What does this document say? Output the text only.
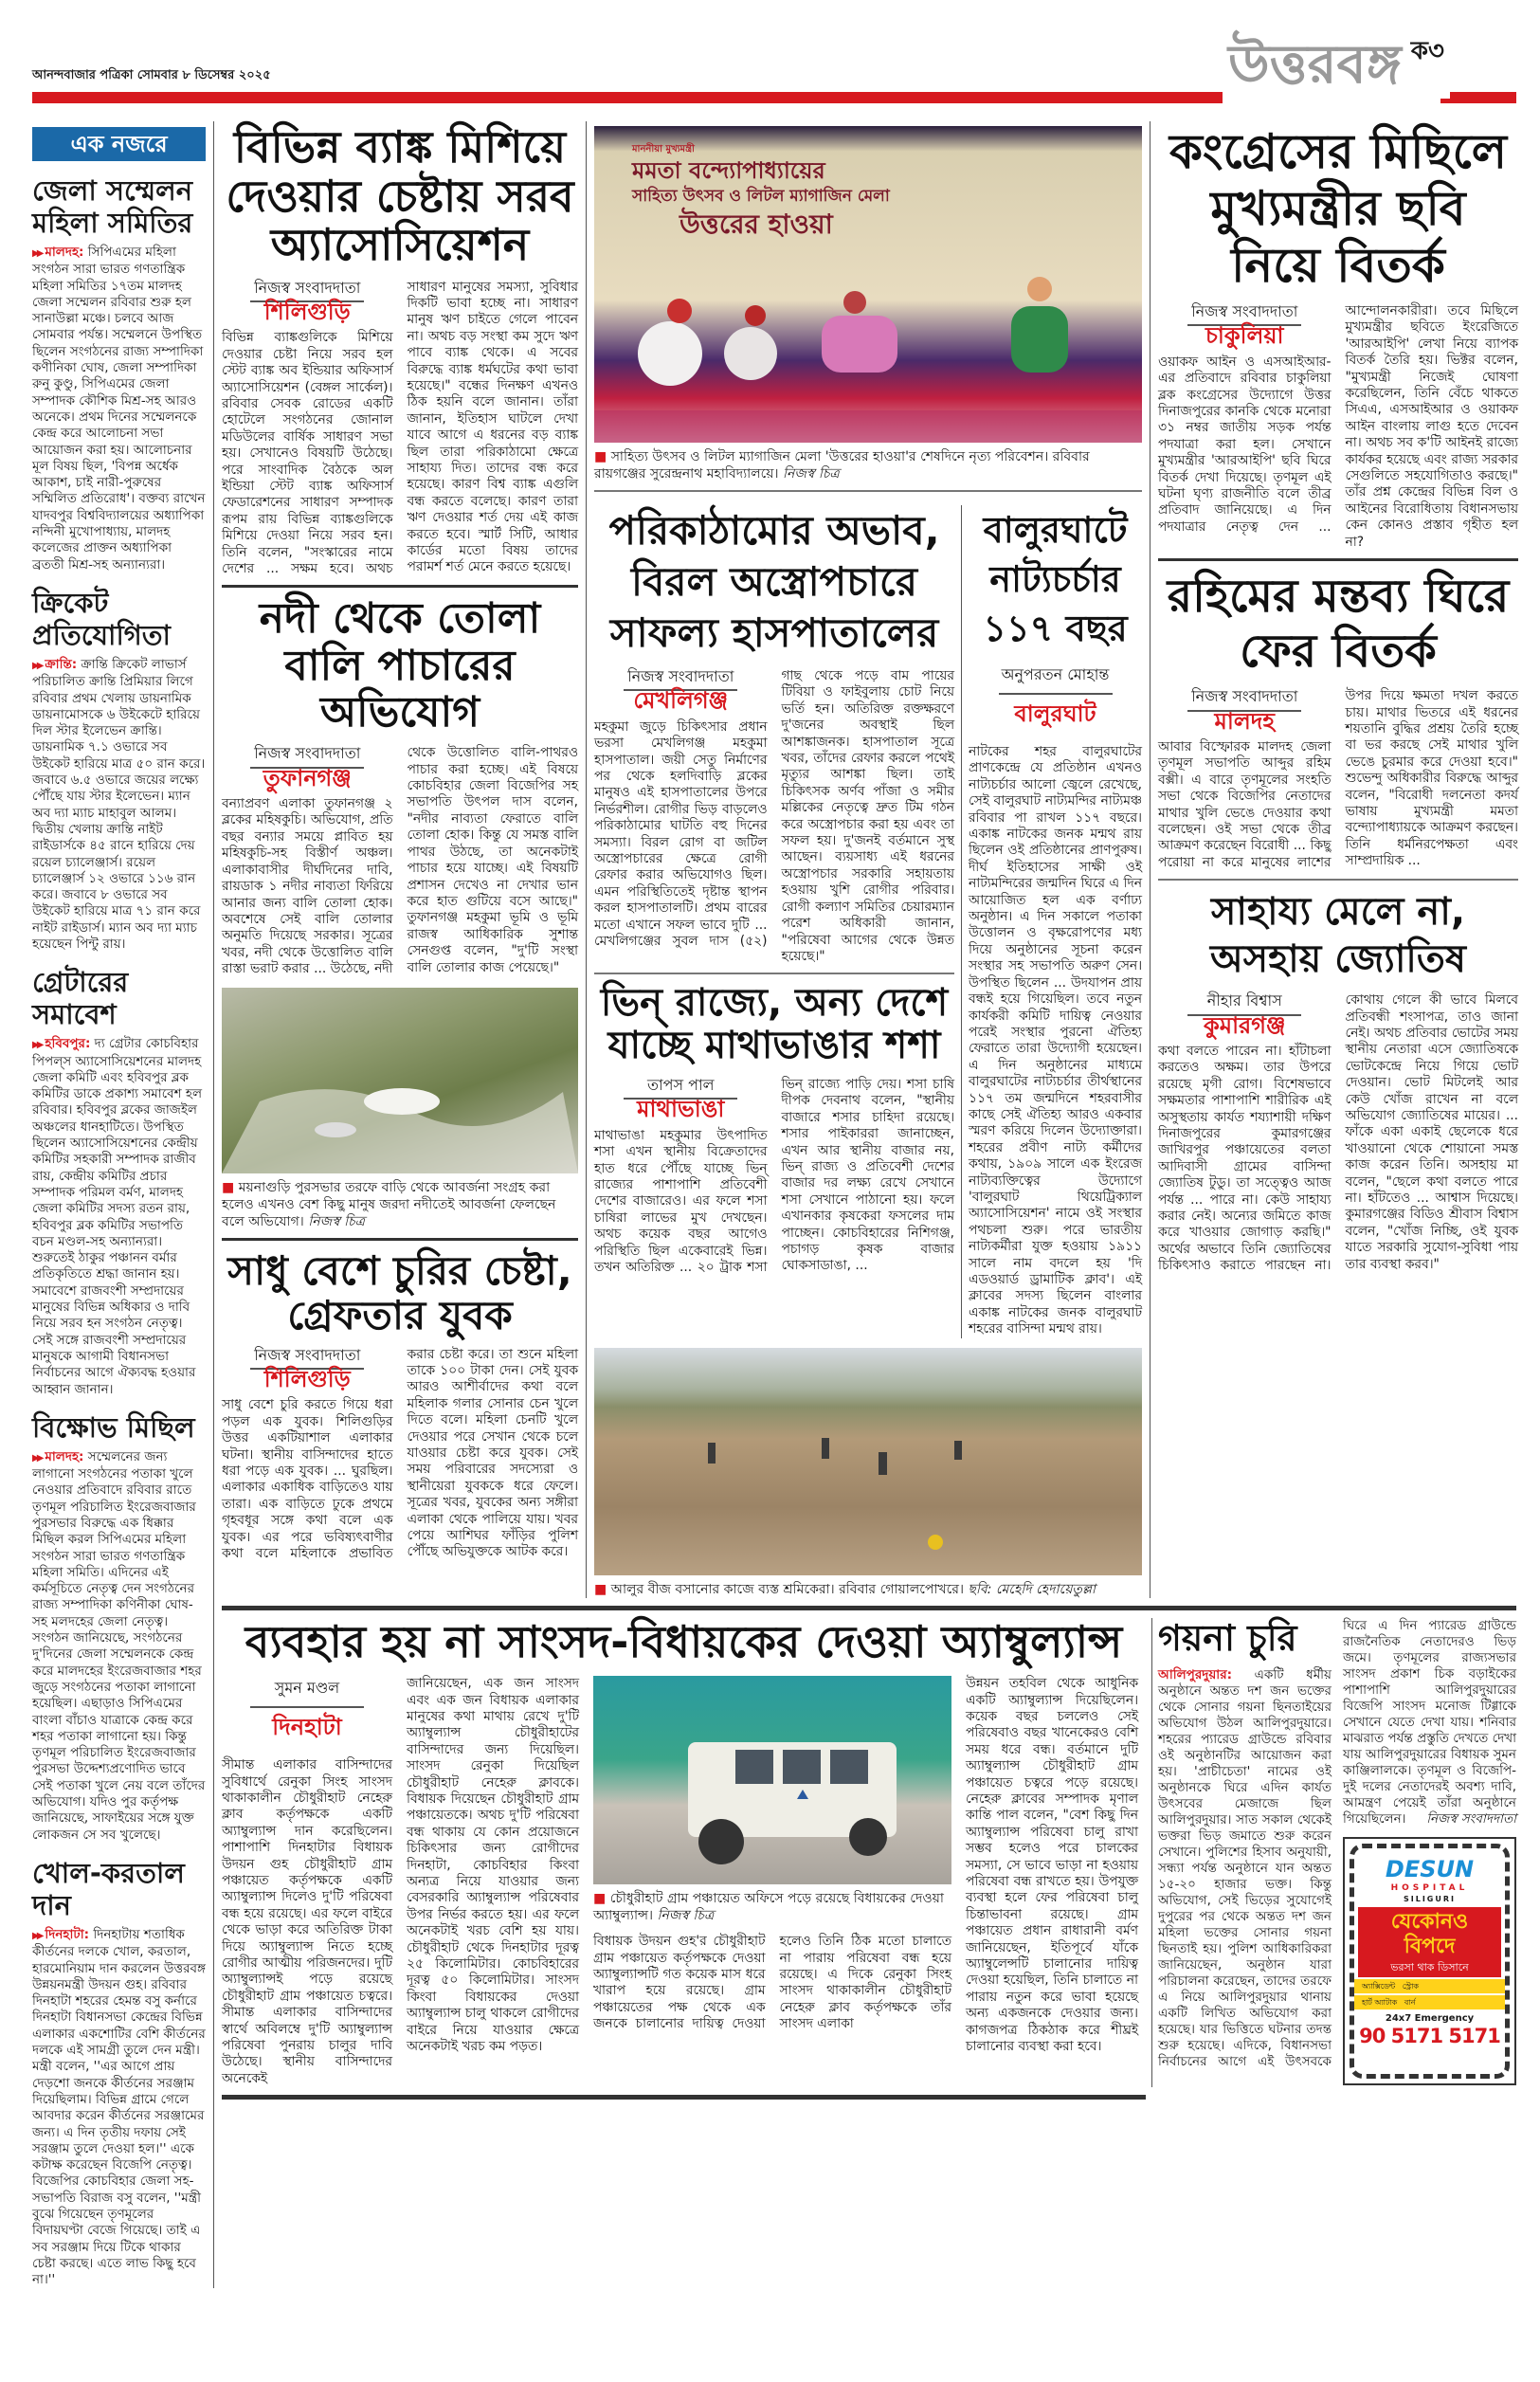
আনন্দবাজার পত্রিকা সোমবার ৮ ডিসেম্বর ২০২৫	উত্তরবঙ্গ ক৩
এক নজরে
জেলা সম্মেলন মহিলা সমিতির
▶▶ মালদহ: সিপিএমের মহিলা সংগঠন সারা ভারত গণতান্ত্রিক মহিলা সমিতির ১৭তম মালদহ জেলা সম্মেলন রবিবার শুরু হল সানাউল্লা মঞ্চে। চলবে আজ সোমবার পর্যন্ত। সম্মেলনে উপস্থিত ছিলেন সংগঠনের রাজ্য সম্পাদিকা কণীনিকা ঘোষ, জেলা সম্পাদিকা রুনু কুণ্ডু, সিপিএমের জেলা সম্পাদক কৌশিক মিশ্র-সহ আরও অনেকে। প্রথম দিনের সম্মেলনকে কেন্দ্র করে আলোচনা সভা আয়োজন করা হয়। আলোচনার মূল বিষয় ছিল, 'বিপন্ন অর্ধেক আকাশ, চাই নারী-পুরুষের সম্মিলিত প্রতিরোধ'। বক্তব্য রাখেন যাদবপুর বিশ্ববিদ্যালয়ের অধ্যাপিকা নন্দিনী মুখোপাধ্যায়, মালদহ কলেজের প্রাক্তন অধ্যাপিকা ব্রততী মিশ্র-সহ অন্যান্যরা।
ক্রিকেট প্রতিযোগিতা
▶▶ ক্রান্তি: ক্রান্তি ক্রিকেট লাভার্স পরিচালিত ক্রান্তি প্রিমিয়ার লিগে রবিবার প্রথম খেলায় ডায়নামিক ডায়নামোসকে ৬ উইকেটে হারিয়ে দিল স্টার ইলেভেন ক্রান্তি। ডায়নামিক ৭.১ ওভারে সব উইকেট হারিয়ে মাত্র ৫০ রান করে। জবাবে ৬.৫ ওভারে জয়ের লক্ষ্যে পৌঁছে যায় স্টার ইলেভেন। ম্যান অব দ্যা ম্যাচ মাহাবুল আলম। দ্বিতীয় খেলায় ক্রান্তি নাইট রাইডার্সকে ৪৫ রানে হারিয়ে দেয় রয়েল চ্যালেঞ্জার্স। রয়েল চ্যালেঞ্জার্স ১২ ওভারে ১১৬ রান করে। জবাবে ৮ ওভারে সব উইকেট হারিয়ে মাত্র ৭১ রান করে নাইট রাইডার্স। ম্যান অব দ্যা ম্যাচ হয়েছেন পিন্টু রায়।
গ্রেটারের সমাবেশ
▶▶ হবিবপুর: দ্য গ্রেটার কোচবিহার পিপল্‌স অ্যাসোসিয়েশনের মালদহ জেলা কমিটি এবং হবিবপুর ব্লক কমিটির ডাকে প্রকাশ্য সমাবেশ হল রবিবার। হবিবপুর ব্লকের জাজইল অঞ্চলের ধানহাটিতে। উপস্থিত ছিলেন অ্যাসোসিয়েশনের কেন্দ্রীয় কমিটির সহকারী সম্পাদক রাজীব রায়, কেন্দ্রীয় কমিটির প্রচার সম্পাদক পরিমল বর্মণ, মালদহ জেলা কমিটির সদস্য রতন রায়, হবিবপুর ব্লক কমিটির সভাপতি বচন মণ্ডল-সহ অন্যান্যরা। শুরুতেই ঠাকুর পঞ্চানন বর্মার প্রতিকৃতিতে শ্রদ্ধা জানান হয়। সমাবেশে রাজবংশী সম্প্রদায়ের মানুষের বিভিন্ন অধিকার ও দাবি নিয়ে সরব হন সংগঠন নেতৃত্ব। সেই সঙ্গে রাজবংশী সম্প্রদায়ের মানুষকে আগামী বিধানসভা নির্বাচনের আগে ঐক্যবদ্ধ হওয়ার আহ্বান জানান।
বিক্ষোভ মিছিল
▶▶ মালদহ: সম্মেলনের জন্য লাগানো সংগঠনের পতাকা খুলে নেওয়ার প্রতিবাদে রবিবার রাতে তৃণমূল পরিচালিত ইংরেজবাজার পুরসভার বিরুদ্ধে এক ধিক্কার মিছিল করল সিপিএমের মহিলা সংগঠন সারা ভারত গণতান্ত্রিক মহিলা সমিতি। এদিনের এই কর্মসূচিতে নেতৃত্ব দেন সংগঠনের রাজ্য সম্পাদিকা কণিনীকা ঘোষ-সহ মলদহের জেলা নেতৃত্ব। সংগঠন জানিয়েছে, সংগঠনের দু'দিনের জেলা সম্মেলনকে কেন্দ্র করে মালদহের ইংরেজবাজার শহর জুড়ে সংগঠনের পতাকা লাগানো হয়েছিল। এছাড়াও সিপিএমের বাংলা বাঁচাও যাত্রাকে কেন্দ্র করে শহর পতাকা লাগানো হয়। কিন্তু তৃণমূল পরিচালিত ইংরেজবাজার পুরসভা উদ্দেশ্যপ্রণোদিত ভাবে সেই পতাকা খুলে নেয় বলে তাঁদের অভিযোগ। যদিও পুর কর্তৃপক্ষ জানিয়েছে, সাফাইয়ের সঙ্গে যুক্ত লোকজন সে সব খুলেছে।
খোল-করতাল দান
▶▶ দিনহাটা: দিনহাটায় শতাধিক কীর্তনের দলকে খোল, করতাল, হারমোনিয়াম দান করলেন উত্তরবঙ্গ উন্নয়নমন্ত্রী উদয়ন গুহ। রবিবার দিনহাটা শহরের হেমন্ত বসু কর্নারে দিনহাটা বিধানসভা কেন্দ্রের বিভিন্ন এলাকার একশোটির বেশি কীর্তনের দলকে এই সামগ্রী তুলে দেন মন্ত্রী। মন্ত্রী বলেন, ''এর আগে প্রায় দেড়শো জনকে কীর্তনের সরঞ্জাম দিয়েছিলাম। বিভিন্ন গ্রামে গেলে আবদার করেন কীর্তনের সরঞ্জামের জন্য। এ দিন তৃতীয় দফায় সেই সরঞ্জাম তুলে দেওয়া হল।'' একে কটাক্ষ করেছেন বিজেপি নেতৃত্ব। বিজেপির কোচবিহার জেলা সহ-সভাপতি বিরাজ বসু বলেন, ''মন্ত্রী বুঝে গিয়েছেন তৃণমূলের বিদায়ঘণ্টা বেজে গিয়েছে। তাই এ সব সরঞ্জাম দিয়ে টিকে থাকার চেষ্টা করছে। এতে লাভ কিছু হবে না।''
বিভিন্ন ব্যাঙ্ক মিশিয়ে দেওয়ার চেষ্টায় সরব অ্যাসোসিয়েশন
নিজস্ব সংবাদদাতা
শিলিগুড়ি
বিভিন্ন ব্যাঙ্কগুলিকে মিশিয়ে দেওয়ার চেষ্টা নিয়ে সরব হল স্টেট ব্যাঙ্ক অব ইন্ডিয়ার অফিসার্স অ্যাসোসিয়েশন (বেঙ্গল সার্কেল)। রবিবার সেবক রোডের একটি হোটেলে সংগঠনের জোনাল মডিউলের বার্ষিক সাধারণ সভা হয়। সেখানেও বিষয়টি উঠেছে। পরে সাংবাদিক বৈঠকে অল ইন্ডিয়া স্টেট ব্যাঙ্ক অফিসার্স ফেডারেশনের সাধারণ সম্পাদক রূপম রায় বিভিন্ন ব্যাঙ্কগুলিকে মিশিয়ে দেওয়া নিয়ে সরব হন। তিনি বলেন, "সংস্কারের নামে দেশের ... সক্ষম হবে। অথচ সাধারণ মানুষের সমস্যা, সুবিধার দিকটি ভাবা হচ্ছে না। সাধারণ মানুষ ঋণ চাইতে গেলে পাবেন না। অথচ বড় সংস্থা কম সুদে ঋণ পাবে ব্যাঙ্ক থেকে। এ সবের বিরুদ্ধে ব্যাঙ্ক ধর্মঘটের কথা ভাবা হয়েছে।" বন্ধের দিনক্ষণ এখনও ঠিক হয়নি বলে জানান। তাঁরা জানান, ইতিহাস ঘাটলে দেখা যাবে আগে এ ধরনের বড় ব্যাঙ্ক ছিল তারা পরিকাঠামো ক্ষেত্রে সাহায্য দিত। তাদের বন্ধ করে হয়েছে। কারণ বিশ্ব ব্যাঙ্ক এগুলি বন্ধ করতে বলেছে। কারণ তারা ঋণ দেওয়ার শর্ত দেয় এই কাজ করতে হবে। স্মার্ট সিটি, আধার কার্ডের মতো বিষয় তাদের পরামর্শ শর্ত মেনে করতে হয়েছে।
নদী থেকে তোলা বালি পাচারের অভিযোগ
নিজস্ব সংবাদদাতা
তুফানগঞ্জ
বন্যাপ্রবণ এলাকা তুফানগঞ্জ ২ ব্লকের মহিষকুচি। অভিযোগ, প্রতি বছর বন্যার সময়ে প্লাবিত হয় মহিষকুচি-সহ বিস্তীর্ণ অঞ্চল। এলাকাবাসীর দীর্ঘদিনের দাবি, রায়ডাক ১ নদীর নাব্যতা ফিরিয়ে আনার জন্য বালি তোলা হোক। অবশেষে সেই বালি তোলার অনুমতি দিয়েছে সরকার। সূত্রের খবর, নদী থেকে উত্তোলিত বালি রাস্তা ভরাট করার ... উঠেছে, নদী থেকে উত্তোলিত বালি-পাথরও পাচার করা হচ্ছে। এই বিষয়ে কোচবিহার জেলা বিজেপির সহ সভাপতি উৎপল দাস বলেন, "নদীর নাব্যতা ফেরাতে বালি তোলা হোক। কিন্তু যে সমস্ত বালি পাথর উঠছে, তা অনেকটাই পাচার হয়ে যাচ্ছে। এই বিষয়টি প্রশাসন দেখেও না দেখার ভান করে হাত গুটিয়ে বসে আছে।" তুফানগঞ্জ মহকুমা ভূমি ও ভূমি রাজস্ব আধিকারিক সুশান্ত সেনগুপ্ত বলেন, "দু'টি সংস্থা বালি তোলার কাজ পেয়েছে।"
■ ময়নাগুড়ি পুরসভার তরফে বাড়ি থেকে আবর্জনা সংগ্রহ করা হলেও এখনও বেশ কিছু মানুষ জরদা নদীতেই আবর্জনা ফেলছেন বলে অভিযোগ। নিজস্ব চিত্র
সাধু বেশে চুরির চেষ্টা, গ্রেফতার যুবক
নিজস্ব সংবাদদাতা
শিলিগুড়ি
সাধু বেশে চুরি করতে গিয়ে ধরা পড়ল এক যুবক। শিলিগুড়ির উত্তর একটিয়াশাল এলাকার ঘটনা। স্থানীয় বাসিন্দাদের হাতে ধরা পড়ে এক যুবক। ... ঘুরছিল। এলাকার একাধিক বাড়িতেও যায় তারা। এক বাড়িতে ঢুকে প্রথমে গৃহবধূর সঙ্গে কথা বলে এক যুবক। এর পরে ভবিষ্যৎবাণীর কথা বলে মহিলাকে প্রভাবিত করার চেষ্টা করে। তা শুনে মহিলা তাকে ১০০ টাকা দেন। সেই যুবক আরও আশীর্বাদের কথা বলে মহিলাক গলার সোনার চেন খুলে দিতে বলে। মহিলা চেনটি খুলে দেওয়ার পরে সেখান থেকে চলে যাওয়ার চেষ্টা করে যুবক। সেই সময় পরিবারের সদস্যেরা ও স্থানীয়েরা যুবককে ধরে ফেলে। সূত্রের খবর, যুবকের অন্য সঙ্গীরা এলাকা থেকে পালিয়ে যায়। খবর পেয়ে আশিঘর ফাঁড়ির পুলিশ পৌঁছে অভিযুক্তকে আটক করে।
মাননীয়া মুখ্যমন্ত্রী
মমতা বন্দ্যোপাধ্যায়ের
সাহিত্য উৎসব ও লিটল ম্যাগাজিন মেলা
উত্তরের হাওয়া
■ সাহিত্য উৎসব ও লিটল ম্যাগাজিন মেলা 'উত্তরের হাওয়া'র শেষদিনে নৃত্য পরিবেশন। রবিবার রায়গঞ্জের সুরেন্দ্রনাথ মহাবিদ্যালয়ে। নিজস্ব চিত্র
পরিকাঠামোর অভাব, বিরল অস্ত্রোপচারে সাফল্য হাসপাতালের
নিজস্ব সংবাদদাতা
মেখলিগঞ্জ
মহকুমা জুড়ে চিকিৎসার প্রধান ভরসা মেখলিগঞ্জ মহকুমা হাসপাতাল। জয়ী সেতু নির্মাণের পর থেকে হলদিবাড়ি ব্লকের মানুষও এই হাসপাতালের উপরে নির্ভরশীল। রোগীর ভিড় বাড়লেও পরিকাঠামোর ঘাটতি বহু দিনের সমস্যা। বিরল রোগ বা জটিল অস্ত্রোপচারের ক্ষেত্রে রোগী রেফার করার অভিযোগও ছিল। এমন পরিস্থিতিতেই দৃষ্টান্ত স্থাপন করল হাসপাতালটি। প্রথম বারের মতো এখানে সফল ভাবে দুটি ... মেখলিগঞ্জের সুবল দাস (৫২) গাছ থেকে পড়ে বাম পায়ের টিবিয়া ও ফাইবুলায় চোট নিয়ে ভর্তি হন। অতিরিক্ত রক্তক্ষরণে দু'জনের অবস্থাই ছিল আশঙ্কাজনক। হাসপাতাল সূত্রে খবর, তাঁদের রেফার করলে পথেই মৃত্যুর আশঙ্কা ছিল। তাই চিকিৎসক অর্ণব পাঁজা ও সমীর মল্লিকের নেতৃত্বে দ্রুত টিম গঠন করে অস্ত্রোপচার করা হয় এবং তা সফল হয়। দু'জনই বর্তমানে সুস্থ আছেন। ব্যয়সাধ্য এই ধরনের অস্ত্রোপচার সরকারি সহায়তায় হওয়ায় খুশি রোগীর পরিবার। রোগী কল্যাণ সমিতির চেয়ারম্যান পরেশ অধিকারী জানান, "পরিষেবা আগের থেকে উন্নত হয়েছে।"
ভিন্ রাজ্যে, অন্য দেশে যাচ্ছে মাথাভাঙার শশা
তাপস পাল
মাথাভাঙা
মাথাভাঙা মহকুমার উৎপাদিত শসা এখন স্থানীয় বিক্রেতাদের হাত ধরে পৌঁছে যাচ্ছে ভিন্ রাজ্যের পাশাপাশি প্রতিবেশী দেশের বাজারেও। এর ফলে শসা চাষিরা লাভের মুখ দেখছেন। অথচ কয়েক বছর আগেও পরিস্থিতি ছিল একেবারেই ভিন্ন। তখন অতিরিক্ত ... ২০ ট্রাক শসা ভিন্ রাজ্যে পাড়ি দেয়। শসা চাষি দীপক দেবনাথ বলেন, "স্থানীয় বাজারে শসার চাহিদা রয়েছে। শসার পাইকাররা জানাচ্ছেন, এখন আর স্থানীয় বাজার নয়, ভিন্ রাজ্য ও প্রতিবেশী দেশের বাজার দর লক্ষ্য রেখে সেখানে শসা সেখানে পাঠানো হয়। ফলে এখানকার কৃষকেরা ফসলের দাম পাচ্ছেন। কোচবিহারের নিশিগঞ্জ, পচাগড় কৃষক বাজার ঘোকসাডাঙা, ...
বালুরঘাটে নাট্যচর্চার ১১৭ বছর
অনুপরতন মোহান্ত
বালুরঘাট
নাটকের শহর বালুরঘাটের প্রাণকেন্দ্রে যে প্রতিষ্ঠান এখনও নাট্যচর্চার আলো জ্বেলে রেখেছে, সেই বালুরঘাট নাট্যমন্দির নাট্যমঞ্চ রবিবার পা রাখল ১১৭ বছরে। একাঙ্ক নাটকের জনক মন্মথ রায় ছিলেন ওই প্রতিষ্ঠানের প্রাণপুরুষ। দীর্ঘ ইতিহাসের সাক্ষী ওই নাট্যমন্দিরের জন্মদিন ঘিরে এ দিন আয়োজিত হল এক বর্ণাঢ্য অনুষ্ঠান। এ দিন সকালে পতাকা উত্তোলন ও বৃক্ষরোপণের মধ্য দিয়ে অনুষ্ঠানের সূচনা করেন সংস্থার সহ সভাপতি অরুণ সেন। উপস্থিত ছিলেন ... উদযাপন প্রায় বন্ধই হয়ে গিয়েছিল। তবে নতুন কার্যকরী কমিটি দায়িত্ব নেওয়ার পরেই সংস্থার পুরনো ঐতিহ্য ফেরাতে তারা উদ্যোগী হয়েছেন। এ দিন অনুষ্ঠানের মাধ্যমে বালুরঘাটের নাট্যচর্চার তীর্থস্থানের ১১৭ তম জন্মদিনে শহরবাসীর কাছে সেই ঐতিহ্য আরও একবার স্মরণ করিয়ে দিলেন উদ্যোক্তারা। শহরের প্রবীণ নাট্য কর্মীদের কথায়, ১৯০৯ সালে এক ইংরেজ নাট্যব্যক্তিত্বের উদ্যোগে 'বালুরঘাট থিয়েট্রিক্যাল অ্যাসোসিয়েশন' নামে ওই সংস্থার পথচলা শুরু। পরে ভারতীয় নাট্যকর্মীরা যুক্ত হওয়ায় ১৯১১ সালে নাম বদলে হয় 'দি এডওয়ার্ড ড্রামাটিক ক্লাব'। এই ক্লাবের সদস্য ছিলেন বাংলার একাঙ্ক নাটকের জনক বালুরঘাট শহরের বাসিন্দা মন্মথ রায়।
■ আলুর বীজ বসানোর কাজে ব্যস্ত শ্রমিকেরা। রবিবার গোয়ালপোখরে। ছবি: মেহেদি হেদায়েতুল্লা
কংগ্রেসের মিছিলে মুখ্যমন্ত্রীর ছবি নিয়ে বিতর্ক
নিজস্ব সংবাদদাতা
চাকুলিয়া
ওয়াকফ আইন ও এসআইআর-এর প্রতিবাদে রবিবার চাকুলিয়া ব্লক কংগ্রেসের উদ্যোগে উত্তর দিনাজপুরের কানকি থেকে মনোরা ৩১ নম্বর জাতীয় সড়ক পর্যন্ত পদযাত্রা করা হল। সেখানে মুখ্যমন্ত্রীর 'আরআইপি' ছবি ঘিরে বিতর্ক দেখা দিয়েছে। তৃণমূল এই ঘটনা ঘৃণ্য রাজনীতি বলে তীব্র প্রতিবাদ জানিয়েছে। এ দিন পদযাত্রার নেতৃত্ব দেন ... আন্দোলনকারীরা। তবে মিছিলে মুখ্যমন্ত্রীর ছবিতে ইংরেজিতে 'আরআইপি' লেখা নিয়ে ব্যাপক বিতর্ক তৈরি হয়। ভিক্টর বলেন, "মুখ্যমন্ত্রী নিজেই ঘোষণা করেছিলেন, তিনি বেঁচে থাকতে সিএএ, এসআইআর ও ওয়াকফ আইন বাংলায় লাগু হতে দেবেন না। অথচ সব ক'টি আইনই রাজ্যে কার্যকর হয়েছে এবং রাজ্য সরকার সেগুলিতে সহযোগিতাও করছে।" তাঁর প্রশ্ন কেন্দ্রের বিভিন্ন বিল ও আইনের বিরোধিতায় বিধানসভায় কেন কোনও প্রস্তাব গৃহীত হল না?
রহিমের মন্তব্য ঘিরে ফের বিতর্ক
নিজস্ব সংবাদদাতা
মালদহ
আবার বিস্ফোরক মালদহ জেলা তৃণমূল সভাপতি আব্দুর রহিম বক্সী। এ বারে তৃণমূলের সংহতি সভা থেকে বিজেপির নেতাদের মাথার খুলি ভেঙে দেওয়ার কথা বলেছেন। ওই সভা থেকে তীব্র আক্রমণ করেছেন বিরোধী ... কিছু পরোয়া না করে মানুষের লাশের উপর দিয়ে ক্ষমতা দখল করতে চায়। মাথার ভিতরে এই ধরনের শয়তানি বুদ্ধির প্রশ্রয় তৈরি হচ্ছে বা ভর করছে সেই মাথার খুলি ভেঙে চুরমার করে দেওয়া হবে।" শুভেন্দু অধিকারীর বিরুদ্ধে আব্দুর বলেন, "বিরোধী দলনেতা কদর্য ভাষায় মুখ্যমন্ত্রী মমতা বন্দ্যোপাধ্যায়কে আক্রমণ করছেন। তিনি ধর্মনিরপেক্ষতা এবং সাম্প্রদায়িক ...
সাহায্য মেলে না, অসহায় জ্যোতিষ
নীহার বিশ্বাস
কুমারগঞ্জ
কথা বলতে পারেন না। হাঁটাচলা করতেও অক্ষম। তার উপরে রয়েছে মৃগী রোগ। বিশেষভাবে সক্ষমতার পাশাপাশি শারীরিক এই অসুস্থতায় কার্যত শয্যাশায়ী দক্ষিণ দিনাজপুরের কুমারগঞ্জের জাখিরপুর পঞ্চায়েতের বলতা আদিবাসী গ্রামের বাসিন্দা জ্যোতিষ টুডু। তা সত্ত্বেও আজ পর্যন্ত ... পারে না। কেউ সাহায্য করার নেই। অন্যের জমিতে কাজ করে খাওয়ার জোগাড় করছি।" অর্থের অভাবে তিনি জ্যোতিষের চিকিৎসাও করাতে পারছেন না। কোথায় গেলে কী ভাবে মিলবে প্রতিবন্ধী শংসাপত্র, তাও জানা নেই। অথচ প্রতিবার ভোটের সময় স্থানীয় নেতারা এসে জ্যোতিষকে ভোটকেন্দ্রে নিয়ে গিয়ে ভোট দেওয়ান। ভোট মিটলেই আর কেউ খোঁজ রাখেন না বলে অভিযোগ জ্যোতিষের মায়ের। ... ফাঁকে একা একাই ছেলেকে ধরে খাওয়ানো থেকে শোয়ানো সমস্ত কাজ করেন তিনি। অসহায় মা বলেন, "ছেলে কথা বলতে পারে না। হাঁটতেও ... আশ্বাস দিয়েছে। কুমারগঞ্জের বিডিও শ্রীবাস বিশ্বাস বলেন, "খোঁজ নিচ্ছি, ওই যুবক যাতে সরকারি সুযোগ-সুবিধা পায় তার ব্যবস্থা করব।"
ব্যবহার হয় না সাংসদ-বিধায়কের দেওয়া অ্যাম্বুল্যান্স
সুমন মণ্ডল
দিনহাটা
সীমান্ত এলাকার বাসিন্দাদের সুবিধার্থে রেনুকা সিংহ সাংসদ থাকাকালীন চৌধুরীহাট নেহেরু ক্লাব কর্তৃপক্ষকে একটি অ্যাম্বুল্যান্স দান করেছিলেন। পাশাপাশি দিনহাটার বিধায়ক উদয়ন গুহ চৌধুরীহাট গ্রাম পঞ্চায়েত কর্তৃপক্ষকে একটি অ্যাম্বুল্যান্স দিলেও দু'টি পরিষেবা বন্ধ হয়ে রয়েছে। এর ফলে বাইরে থেকে ভাড়া করে অতিরিক্ত টাকা দিয়ে অ্যাম্বুল্যান্স নিতে হচ্ছে রোগীর আত্মীয় পরিজনদের। দুটি অ্যাম্বুল্যান্সই পড়ে রয়েছে চৌধুরীহাট গ্রাম পঞ্চায়েত চত্বরে। সীমান্ত এলাকার বাসিন্দাদের স্বার্থে অবিলম্বে দু'টি অ্যাম্বুল্যান্স পরিষেবা পুনরায় চালুর দাবি উঠেছে। স্থানীয় বাসিন্দাদের অনেকেই
জানিয়েছেন, এক জন সাংসদ এবং এক জন বিধায়ক এলাকার মানুষের কথা মাথায় রেখে দু'টি অ্যাম্বুল্যান্স চৌধুরীহাটের বাসিন্দাদের জন্য দিয়েছিল। সাংসদ রেনুকা দিয়েছিল চৌধুরীহাট নেহেরু ক্লাবকে। বিধায়ক দিয়েছেন চৌধুরীহাট গ্রাম পঞ্চায়েতকে। অথচ দু'টি পরিষেবা বন্ধ থাকায় যে কোন প্রয়োজনে চিকিৎসার জন্য রোগীদের দিনহাটা, কোচবিহার কিংবা অন্যত্র নিয়ে যাওয়ার জন্য বেসরকারি অ্যাম্বুল্যান্স পরিষেবার উপর নির্ভর করতে হয়। এর ফলে অনেকটাই খরচ বেশি হয় যায়। চৌধুরীহাট থেকে দিনহাটার দূরত্ব ২৫ কিলোমিটার। কোচবিহারের দূরত্ব ৫০ কিলোমিটার। সাংসদ কিংবা বিধায়কের দেওয়া অ্যাম্বুল্যান্স চালু থাকলে রোগীদের বাইরে নিয়ে যাওয়ার ক্ষেত্রে অনেকটাই খরচ কম পড়ত।
■ চৌধুরীহাট গ্রাম পঞ্চায়েত অফিসে পড়ে রয়েছে বিধায়কের দেওয়া অ্যাম্বুল্যান্স। নিজস্ব চিত্র
বিধায়ক উদয়ন গুহ'র চৌধুরীহাট গ্রাম পঞ্চায়েত কর্তৃপক্ষকে দেওয়া অ্যাম্বুল্যান্সটি গত কয়েক মাস ধরে খারাপ হয়ে রয়েছে। গ্রাম পঞ্চায়েতের পক্ষ থেকে এক জনকে চালানোর দায়িত্ব দেওয়া হলেও তিনি ঠিক মতো চালাতে না পারায় পরিষেবা বন্ধ হয়ে রয়েছে। এ দিকে রেনুকা সিংহ সাংসদ থাকাকালীন চৌধুরীহাট নেহেরু ক্লাব কর্তৃপক্ষকে তাঁর সাংসদ এলাকা
উন্নয়ন তহবিল থেকে আধুনিক একটি অ্যাম্বুল্যান্স দিয়েছিলেন। কয়েক বছর চললেও সেই পরিষেবাও বছর খানেকেরও বেশি সময় ধরে বন্ধ। বর্তমানে দুটি অ্যাম্বুল্যান্স চৌধুরীহাট গ্রাম পঞ্চায়েত চত্বরে পড়ে রয়েছে। নেহেরু ক্লাবের সম্পাদক মৃণাল কান্তি পাল বলেন, "বেশ কিছু দিন অ্যাম্বুল্যান্স পরিষেবা চালু রাখা সম্ভব হলেও পরে চালকের সমস্যা, সে ভাবে ভাড়া না হওয়ায় পরিষেবা বন্ধ রাখতে হয়। উপযুক্ত ব্যবস্থা হলে ফের পরিষেবা চালু চিন্তাভাবনা রয়েছে। গ্রাম পঞ্চায়েত প্রধান রাধারানী বর্মণ জানিয়েছেন, ইতিপূর্বে যাঁকে অ্যাম্বুলেন্সটি চালানোর দায়িত্ব দেওয়া হয়েছিল, তিনি চালাতে না পারায় নতুন করে ভাবা হয়েছে অন্য একজনকে দেওয়ার জন্য। কাগজপত্র ঠিকঠাক করে শীঘ্রই চালানোর ব্যবস্থা করা হবে।
গয়না চুরি
আলিপুরদুয়ার: একটি ধর্মীয় অনুষ্ঠানে অন্তত দশ জন ভক্তের থেকে সোনার গয়না ছিনতাইয়ের অভিযোগ উঠল আলিপুরদুয়ারে। শহরের প্যারেড গ্রাউন্ডে রবিবার ওই অনুষ্ঠানটির আয়োজন করা হয়। 'প্রাচীচেতা' নামের ওই অনুষ্ঠানকে ঘিরে এদিন কার্যত উৎসবের মেজাজে ছিল আলিপুরদুয়ার। সাত সকাল থেকেই ভক্তরা ভিড় জমাতে শুরু করেন সেখানে। পুলিশের হিসাব অনুযায়ী, সন্ধ্যা পর্যন্ত অনুষ্ঠানে যান অন্তত ১৫-২০ হাজার ভক্ত। কিন্তু অভিযোগ, সেই ভিড়ের সুযোগেই দুপুরের পর থেকে অন্তত দশ জন মহিলা ভক্তের সোনার গয়না ছিনতাই হয়। পুলিশ আধিকারিকরা জানিয়েছেন, অনুষ্ঠান যারা পরিচালনা করেছেন, তাদের তরফে এ নিয়ে আলিপুরদুয়ার থানায় একটি লিখিত অভিযোগ করা হয়েছে। যার ভিত্তিতে ঘটনার তদন্ত শুরু হয়েছে। এদিকে, বিধানসভা নির্বাচনের আগে এই উৎসবকে ঘিরে এ দিন প্যারেড গ্রাউন্ডে রাজনৈতিক নেতাদেরও ভিড় জমে। তৃণমূলের রাজ্যসভার সাংসদ প্রকাশ চিক বড়াইকের পাশাপাশি আলিপুরদুয়ারের বিজেপি সাংসদ মনোজ টিগ্গাকে সেখানে যেতে দেখা যায়। শনিবার মাঝরাত পর্যন্ত প্রস্তুতি দেখতে দেখা যায় আলিপুরদুয়ারের বিধায়ক সুমন কাঞ্জিলালকে। তৃণমূল ও বিজেপি- দুই দলের নেতাদেরই অবশ্য দাবি, আমন্ত্রণ পেয়েই তাঁরা অনুষ্ঠানে গিয়েছিলেন। নিজস্ব সংবাদদাতা
DESUN
HOSPITAL
SILIGURI
যেকোনও বিপদে
ভরসা থাক ডিসানে
অ্যাক্সিডেন্ট স্ট্রোক
হার্ট অ্যাটাক বার্ন
24x7 Emergency
90 5171 5171
